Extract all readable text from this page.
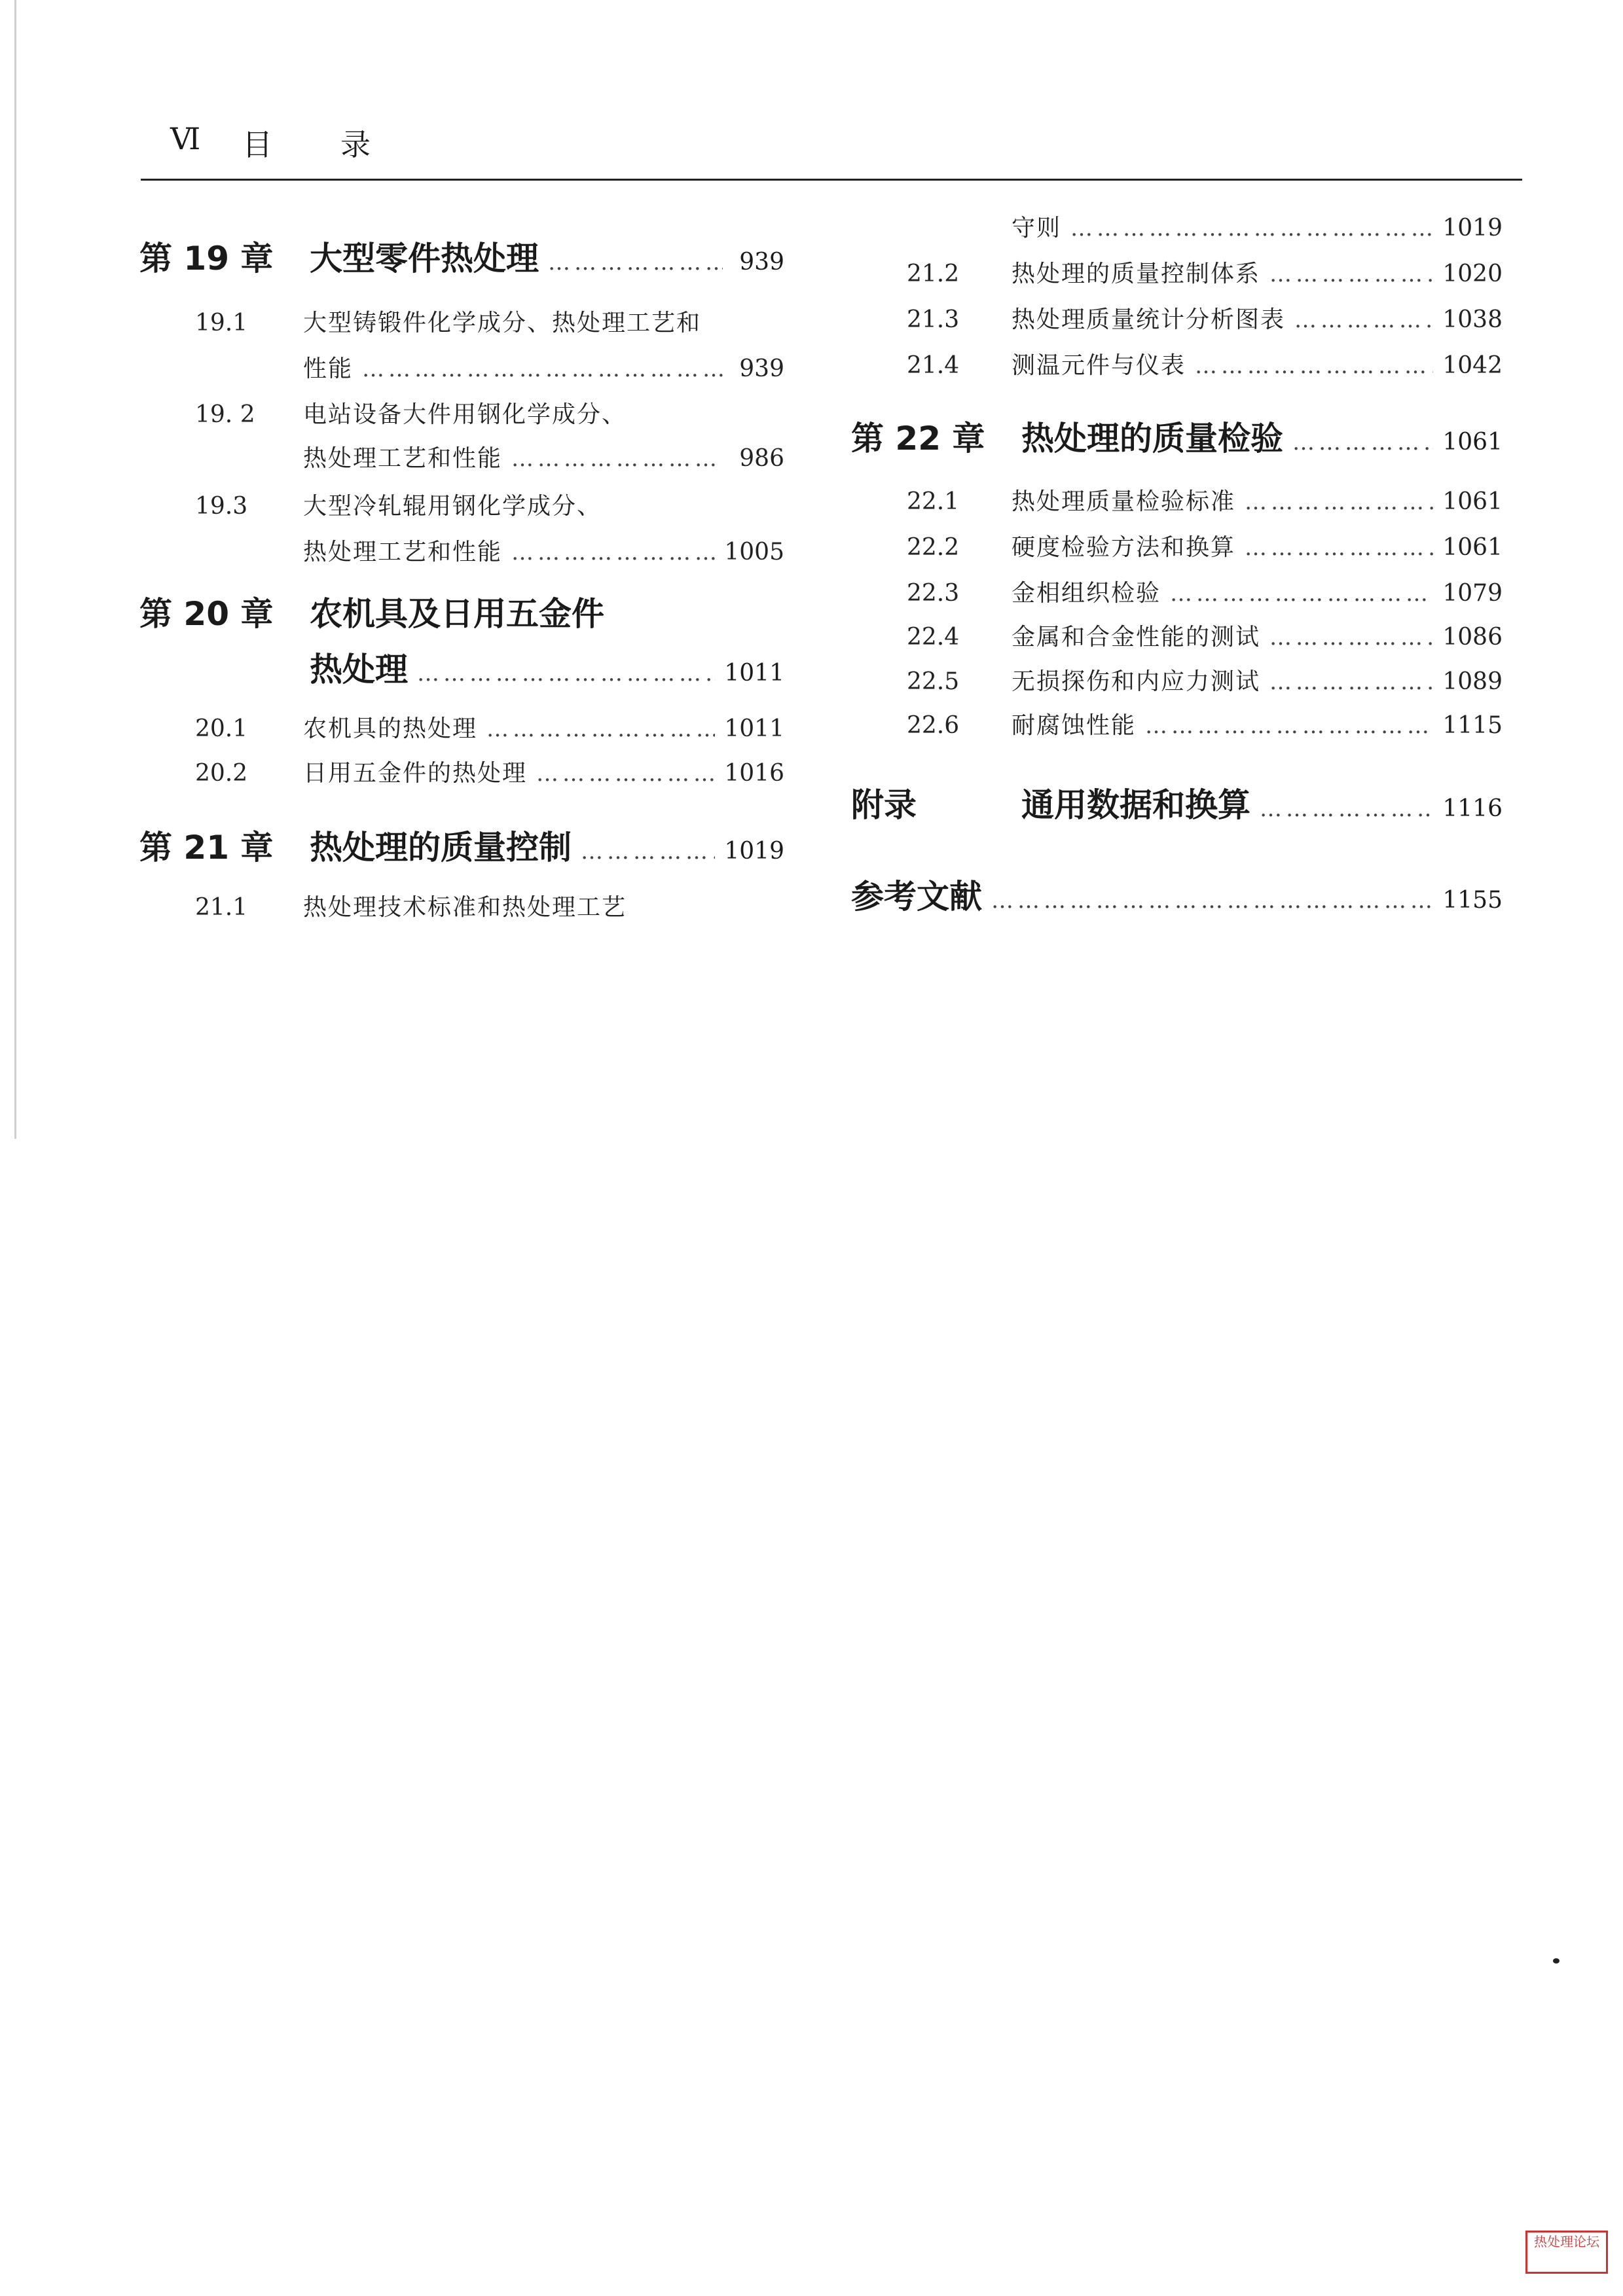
Ⅵ 目 录
第 19 章	大型零件热处理 …………………………………………………………………………………………………………………………………………	939
19.1	大型铸锻件化学成分、热处理工艺和
性能 …………………………………………………………………………………………………………………………………………	939
19. 2	电站设备大件用钢化学成分、
热处理工艺和性能 …………………………………………………………………………………………………………………………………………	986
19.3	大型冷轧辊用钢化学成分、
热处理工艺和性能 …………………………………………………………………………………………………………………………………………	1005
第 20 章	农机具及日用五金件
热处理 …………………………………………………………………………………………………………………………………………	1011
20.1	农机具的热处理 …………………………………………………………………………………………………………………………………………	1011
20.2	日用五金件的热处理 …………………………………………………………………………………………………………………………………………	1016
第 21 章	热处理的质量控制 …………………………………………………………………………………………………………………………………………	1019
21.1	热处理技术标准和热处理工艺
守则 …………………………………………………………………………………………………………………………………………	1019
21.2	热处理的质量控制体系 …………………………………………………………………………………………………………………………………………	1020
21.3	热处理质量统计分析图表 …………………………………………………………………………………………………………………………………………	1038
21.4	测温元件与仪表 …………………………………………………………………………………………………………………………………………	1042
第 22 章	热处理的质量检验 …………………………………………………………………………………………………………………………………………	1061
22.1	热处理质量检验标准 …………………………………………………………………………………………………………………………………………	1061
22.2	硬度检验方法和换算 …………………………………………………………………………………………………………………………………………	1061
22.3	金相组织检验 …………………………………………………………………………………………………………………………………………	1079
22.4	金属和合金性能的测试 …………………………………………………………………………………………………………………………………………	1086
22.5	无损探伤和内应力测试 …………………………………………………………………………………………………………………………………………	1089
22.6	耐腐蚀性能 …………………………………………………………………………………………………………………………………………	1115
附录	通用数据和换算 …………………………………………………………………………………………………………………………………………	1116
参考文献 …………………………………………………………………………………………………………………………………………	1155
热处理论坛
